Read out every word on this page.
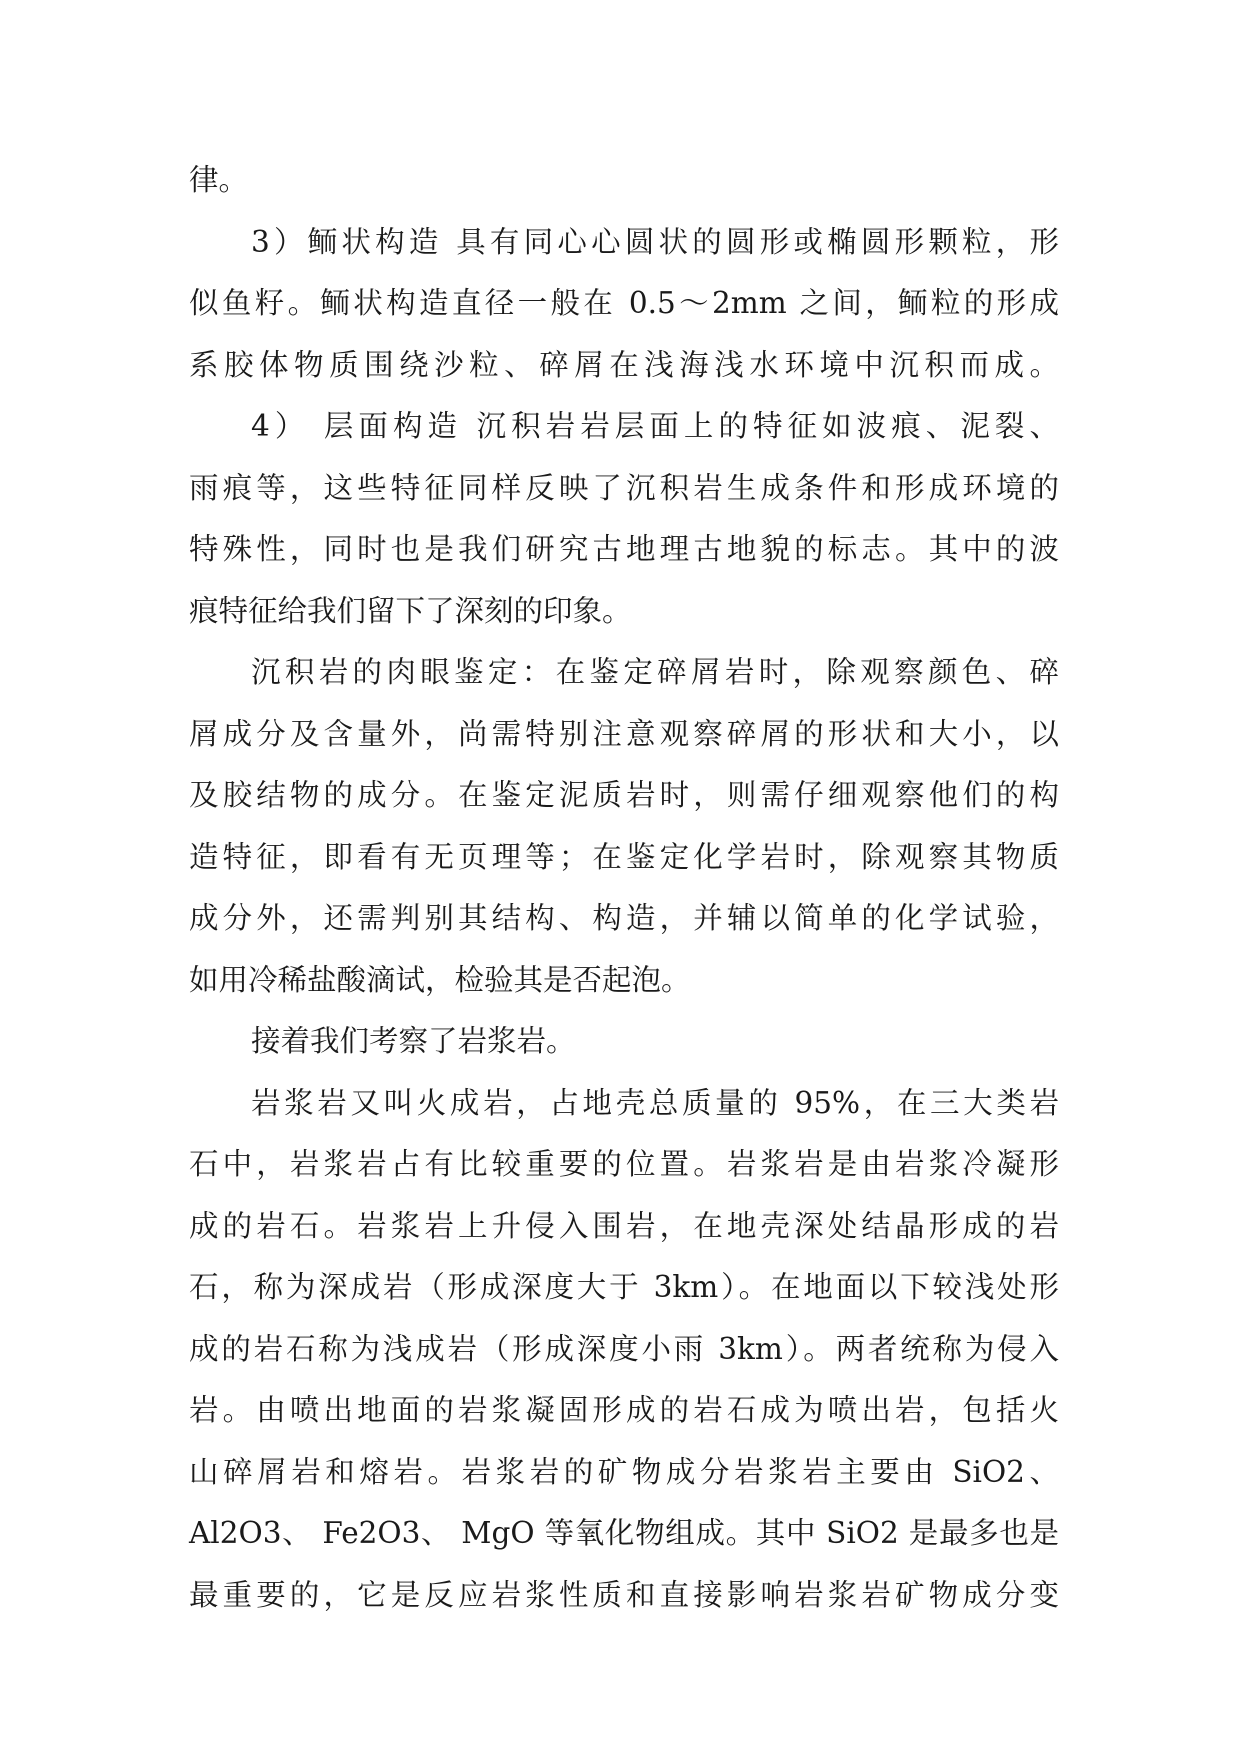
律。
3）鲕状构造 具有同心心圆状的圆形或椭圆形颗粒，形
似鱼籽。鲕状构造直径一般在 0.5～2mm 之间，鲕粒的形成
系胶体物质围绕沙粒、碎屑在浅海浅水环境中沉积而成。
4） 层面构造 沉积岩岩层面上的特征如波痕、泥裂、
雨痕等，这些特征同样反映了沉积岩生成条件和形成环境的
特殊性，同时也是我们研究古地理古地貌的标志。其中的波
痕特征给我们留下了深刻的印象。
沉积岩的肉眼鉴定：在鉴定碎屑岩时，除观察颜色、碎
屑成分及含量外，尚需特别注意观察碎屑的形状和大小，以
及胶结物的成分。在鉴定泥质岩时，则需仔细观察他们的构
造特征，即看有无页理等；在鉴定化学岩时，除观察其物质
成分外，还需判别其结构、构造，并辅以简单的化学试验，
如用冷稀盐酸滴试，检验其是否起泡。
接着我们考察了岩浆岩。
岩浆岩又叫火成岩，占地壳总质量的 95%，在三大类岩
石中，岩浆岩占有比较重要的位置。岩浆岩是由岩浆冷凝形
成的岩石。岩浆岩上升侵入围岩，在地壳深处结晶形成的岩
石，称为深成岩（形成深度大于 3km）。在地面以下较浅处形
成的岩石称为浅成岩（形成深度小雨 3km）。两者统称为侵入
岩。由喷出地面的岩浆凝固形成的岩石成为喷出岩，包括火
山碎屑岩和熔岩。岩浆岩的矿物成分岩浆岩主要由 SiO2、
Al2O3、 Fe2O3、 MgO 等氧化物组成。其中 SiO2 是最多也是
最重要的，它是反应岩浆性质和直接影响岩浆岩矿物成分变
